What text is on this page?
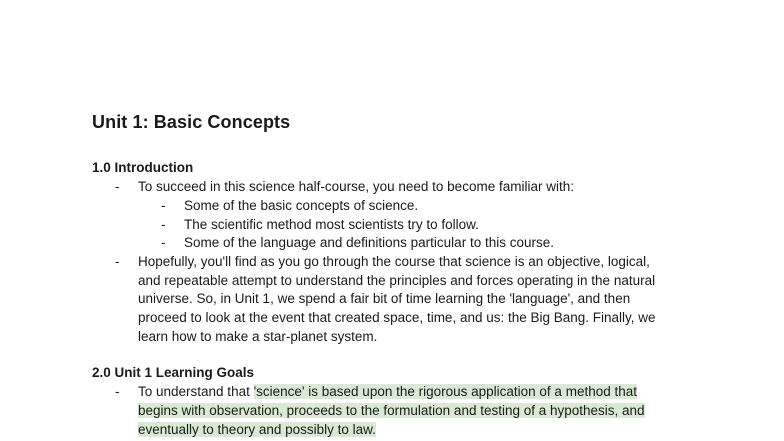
Unit 1: Basic Concepts
1.0 Introduction
- To succeed in this science half-course, you need to become familiar with:
- Some of the basic concepts of science.
- The scientific method most scientists try to follow.
- Some of the language and definitions particular to this course.
- Hopefully, you'll find as you go through the course that science is an objective, logical,
and repeatable attempt to understand the principles and forces operating in the natural
universe. So, in Unit 1, we spend a fair bit of time learning the 'language', and then
proceed to look at the event that created space, time, and us: the Big Bang. Finally, we
learn how to make a star-planet system.
2.0 Unit 1 Learning Goals
- To understand that 'science' is based upon the rigorous application of a method that
begins with observation, proceeds to the formulation and testing of a hypothesis, and
eventually to theory and possibly to law.
